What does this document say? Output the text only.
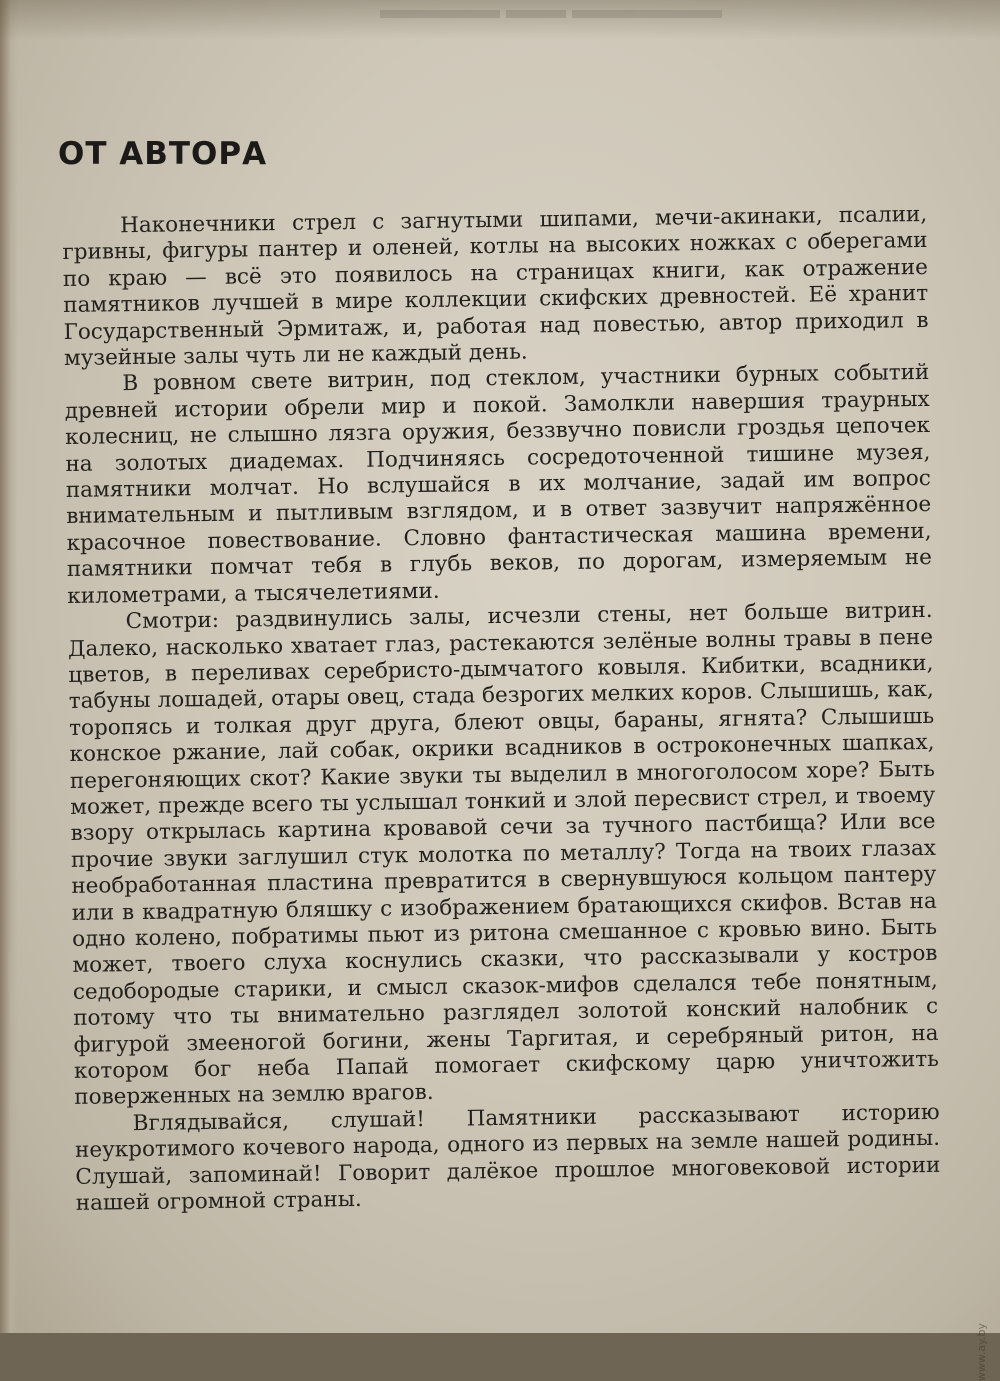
ОТ АВТОРА

Наконечники стрел с загнутыми шипами, мечи-акинаки, псалии, гривны, фигуры пантер и оленей, котлы на высоких ножках с оберегами по краю — всё это появилось на страницах книги, как отражение памятников лучшей в мире коллекции скифских древностей. Её хранит Государственный Эрмитаж, и, работая над повестью, автор приходил в музейные залы чуть ли не каждый день.

В ровном свете витрин, под стеклом, участники бурных событий древней истории обрели мир и покой. Замолкли навершия траурных колесниц, не слышно лязга оружия, беззвучно повисли гроздья цепочек на золотых диадемах. Подчиняясь сосредоточенной тишине музея, памятники молчат. Но вслушайся в их молчание, задай им вопрос внимательным и пытливым взглядом, и в ответ зазвучит напряжённое красочное повествование. Словно фантастическая машина времени, памятники помчат тебя в глубь веков, по дорогам, измеряемым не километрами, а тысячелетиями.

Смотри: раздвинулись залы, исчезли стены, нет больше витрин. Далеко, насколько хватает глаз, растекаются зелёные волны травы в пене цветов, в переливах серебристо-дымчатого ковыля. Кибитки, всадники, табуны лошадей, отары овец, стада безрогих мелких коров. Слышишь, как, торопясь и толкая друг друга, блеют овцы, бараны, ягнята? Слышишь конское ржание, лай собак, окрики всадников в остроконечных шапках, перегоняющих скот? Какие звуки ты выделил в многоголосом хоре? Быть может, прежде всего ты услышал тонкий и злой пересвист стрел, и твоему взору открылась картина кровавой сечи за тучного пастбища? Или все прочие звуки заглушил стук молотка по металлу? Тогда на твоих глазах необработанная пластина превратится в свернувшуюся кольцом пантеру или в квадратную бляшку с изображением братающихся скифов. Встав на одно колено, побратимы пьют из ритона смешанное с кровью вино. Быть может, твоего слуха коснулись сказки, что рассказывали у костров седобородые старики, и смысл сказок-мифов сделался тебе понятным, потому что ты внимательно разглядел золотой конский налобник с фигурой змееногой богини, жены Таргитая, и серебряный ритон, на котором бог неба Папай помогает скифскому царю уничтожить поверженных на землю врагов.

Вглядывайся, слушай! Памятники рассказывают историю неукротимого кочевого народа, одного из первых на земле нашей родины. Слушай, запоминай! Говорит далёкое прошлое многовековой истории нашей огромной страны.

www.ay.by
